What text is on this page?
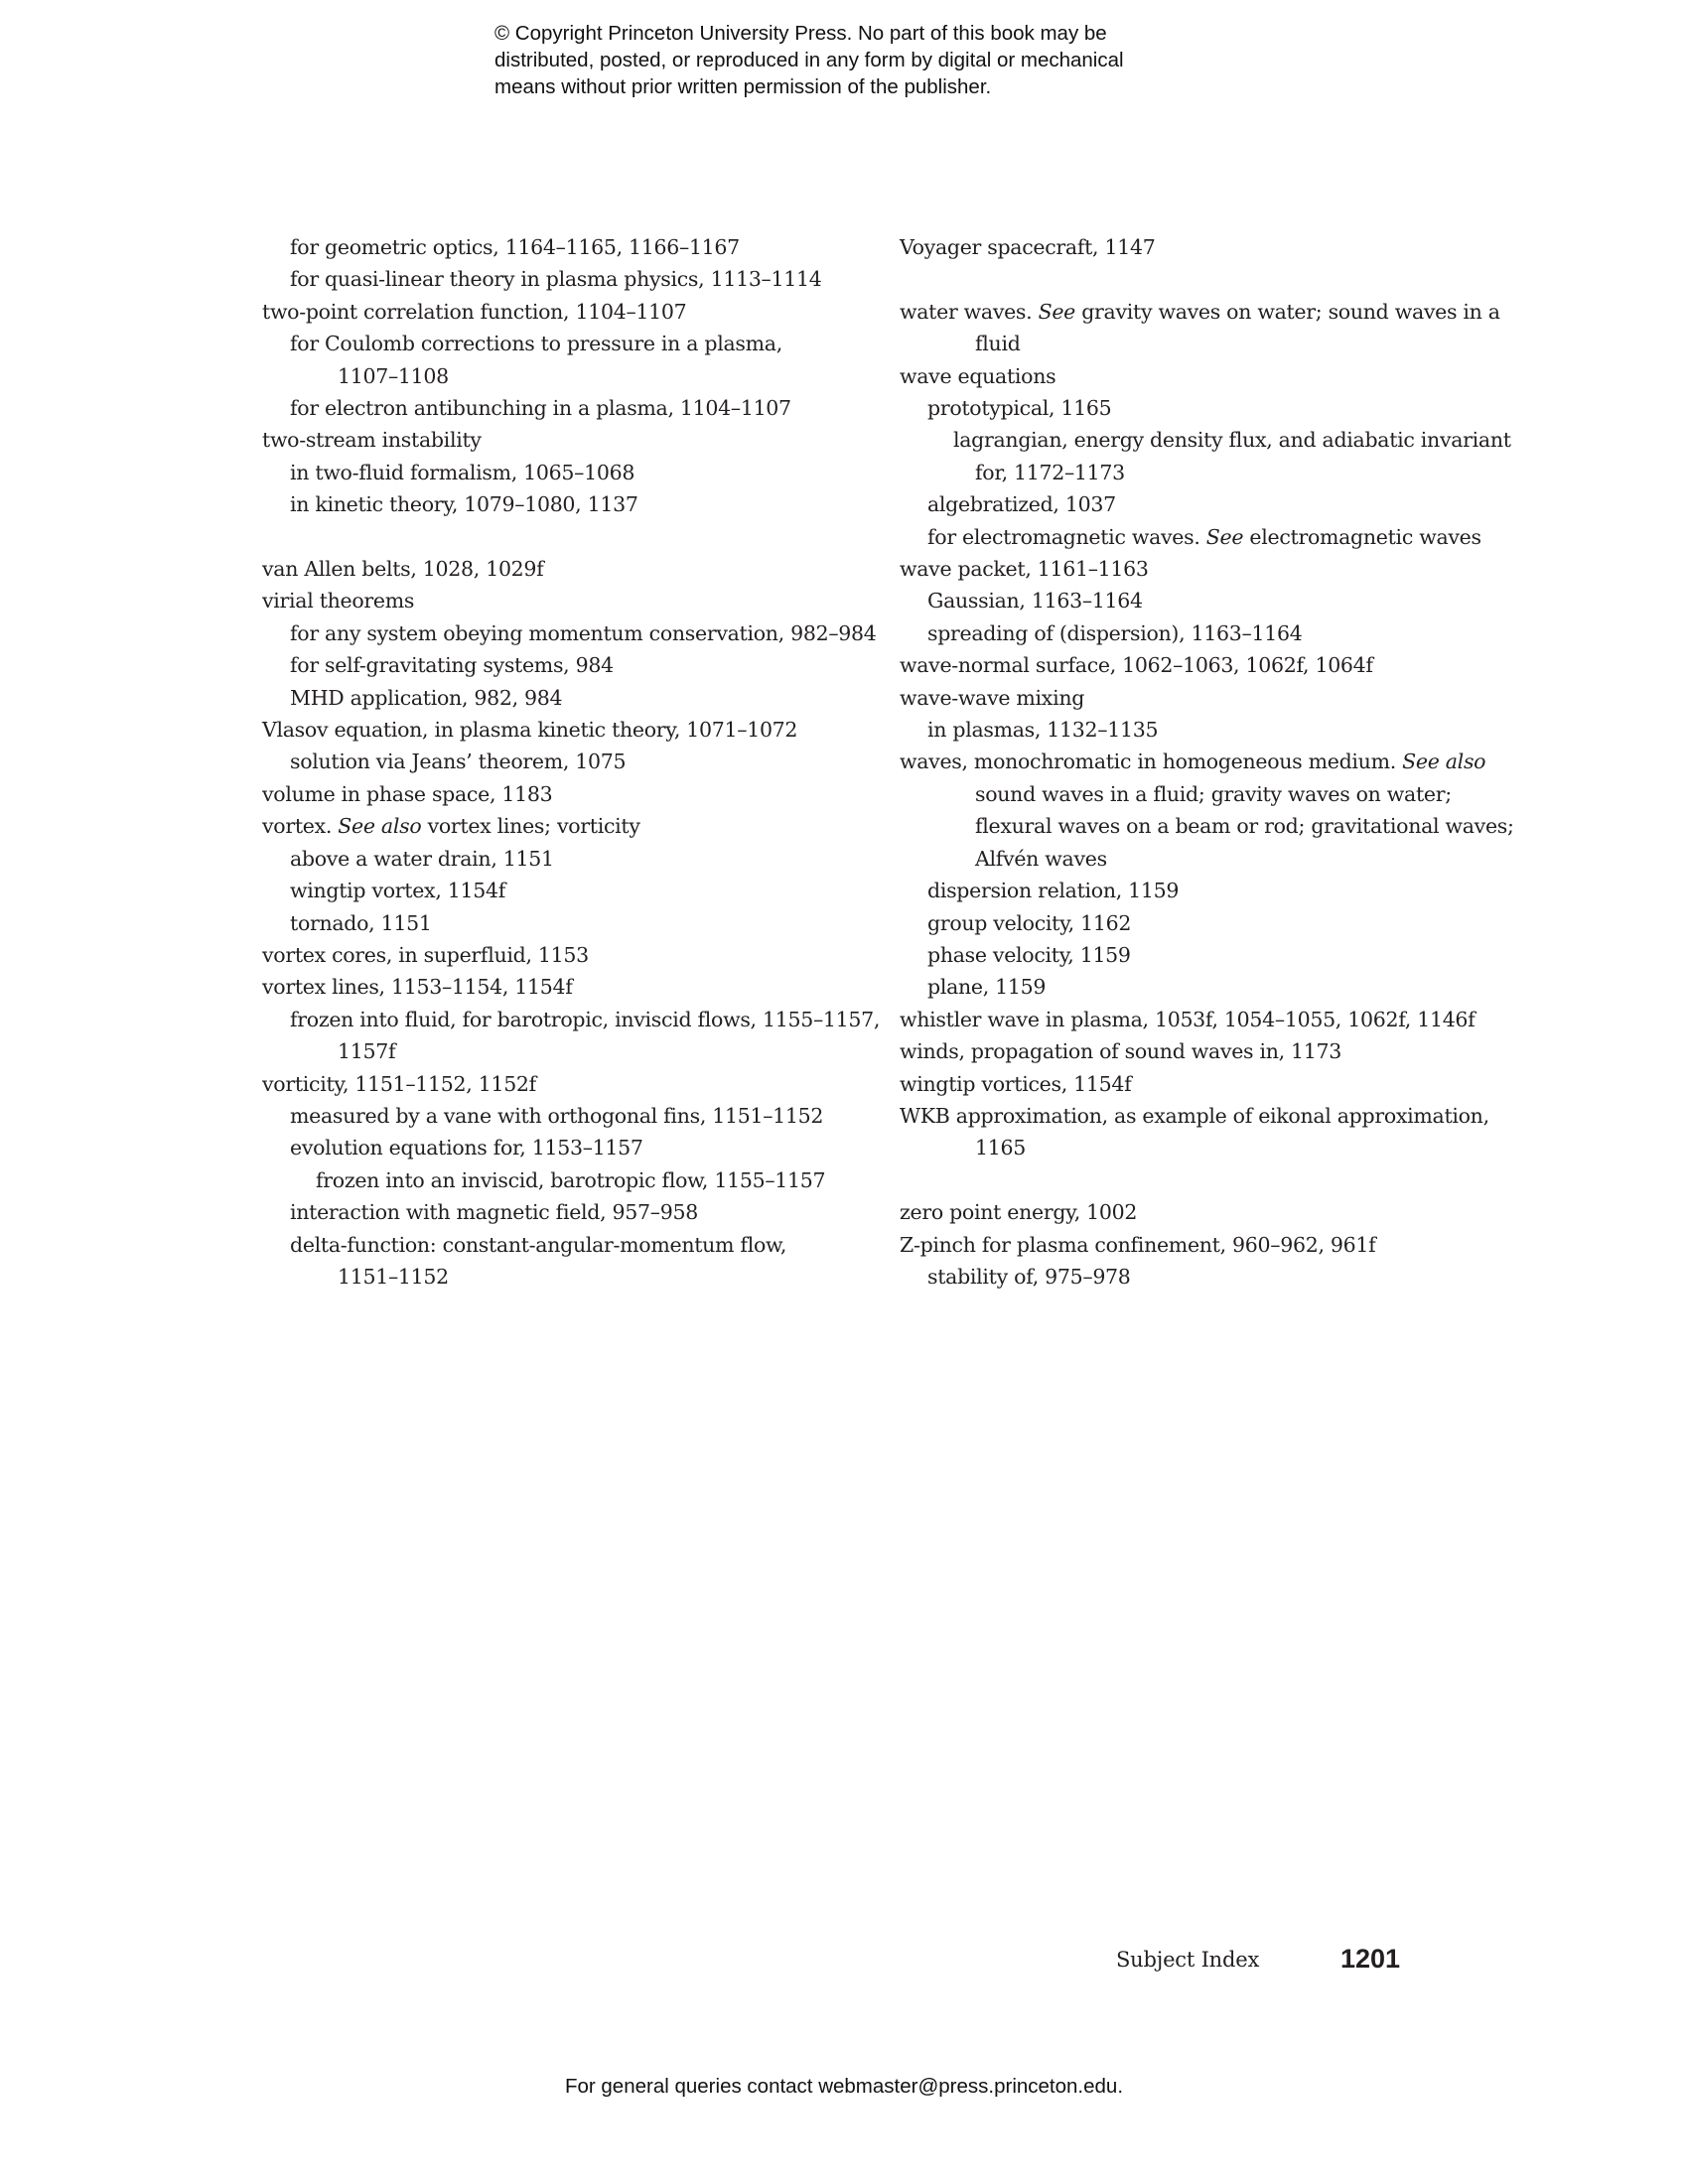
© Copyright Princeton University Press. No part of this book may be
distributed, posted, or reproduced in any form by digital or mechanical
means without prior written permission of the publisher.
for geometric optics, 1164–1165, 1166–1167
for quasi-linear theory in plasma physics, 1113–1114
two-point correlation function, 1104–1107
for Coulomb corrections to pressure in a plasma,
1107–1108
for electron antibunching in a plasma, 1104–1107
two-stream instability
in two-fluid formalism, 1065–1068
in kinetic theory, 1079–1080, 1137
van Allen belts, 1028, 1029f
virial theorems
for any system obeying momentum conservation, 982–984
for self-gravitating systems, 984
MHD application, 982, 984
Vlasov equation, in plasma kinetic theory, 1071–1072
solution via Jeans’ theorem, 1075
volume in phase space, 1183
vortex. See also vortex lines; vorticity
above a water drain, 1151
wingtip vortex, 1154f
tornado, 1151
vortex cores, in superfluid, 1153
vortex lines, 1153–1154, 1154f
frozen into fluid, for barotropic, inviscid flows, 1155–1157,
1157f
vorticity, 1151–1152, 1152f
measured by a vane with orthogonal fins, 1151–1152
evolution equations for, 1153–1157
frozen into an inviscid, barotropic flow, 1155–1157
interaction with magnetic field, 957–958
delta-function: constant-angular-momentum flow,
1151–1152
Voyager spacecraft, 1147
water waves. See gravity waves on water; sound waves in a
fluid
wave equations
prototypical, 1165
lagrangian, energy density flux, and adiabatic invariant
for, 1172–1173
algebratized, 1037
for electromagnetic waves. See electromagnetic waves
wave packet, 1161–1163
Gaussian, 1163–1164
spreading of (dispersion), 1163–1164
wave-normal surface, 1062–1063, 1062f, 1064f
wave-wave mixing
in plasmas, 1132–1135
waves, monochromatic in homogeneous medium. See also
sound waves in a fluid; gravity waves on water;
flexural waves on a beam or rod; gravitational waves;
Alfvén waves
dispersion relation, 1159
group velocity, 1162
phase velocity, 1159
plane, 1159
whistler wave in plasma, 1053f, 1054–1055, 1062f, 1146f
winds, propagation of sound waves in, 1173
wingtip vortices, 1154f
WKB approximation, as example of eikonal approximation,
1165
zero point energy, 1002
Z-pinch for plasma confinement, 960–962, 961f
stability of, 975–978
Subject Index	1201
For general queries contact webmaster@press.princeton.edu.
